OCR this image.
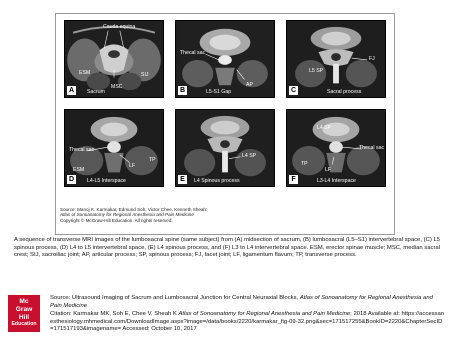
Cauda equina
ESM	SIJ
MSC
Sacrum
A
Thecal sac
L5-S1 Gap
AP
B
L5 SP
FJ
Sacral process
C
Thecal sac
ESM
LF
TP
L4-L5 Interspace
D
L4 SP
L4 Spinous process
E
L4 SP
Thecal sac
TP
LF
L3-L4 Interspace
F
Source: Manoj K. Karmakar, Edmund Soh, Victor Chee, Kenneth Sheah:
Atlas of Sonoanatomy for Regional Anesthesia and Pain Medicine
Copyright © McGraw-Hill Education. All rights reserved.
A sequence of transverse MRI images of the lumbosacral spine (same subject) from (A) midsection of sacrum, (B) lumbosacral (L5–S1) intervertebral space, (C) L5 spinous process, (D) L4 to L5 intervertebral space, (E) L4 spinous process, and (F) L3 to L4 intervertebral space. ESM, erector spinae muscle; MSC, median sacral crest; SIJ, sacroiliac joint; AP, articular process; SP, spinous process; FJ, facet joint; LF, ligamentum flavum; TP, transverse process.
Mc
Graw
Hill
Education
Source: Ultrasound Imaging of Sacrum and Lumbosacral Junction for Central Neuraxial Blocks, Atlas of Sonoanatomy for Regional Anesthesia and Pain Medicine
Citation: Karmakar MK, Soh E, Chee V, Sheah K Atlas of Sonoanatomy for Regional Anesthesia and Pain Medicine; 2018 Available at: https://accessanesthesiology.mhmedical.com/DownloadImage.aspx?image=/data/books/2220/karmakar_fig-09-32.png&sec=171517255&BookID=2220&ChapterSecID=171517193&imagename= Accessed: October 10, 2017
